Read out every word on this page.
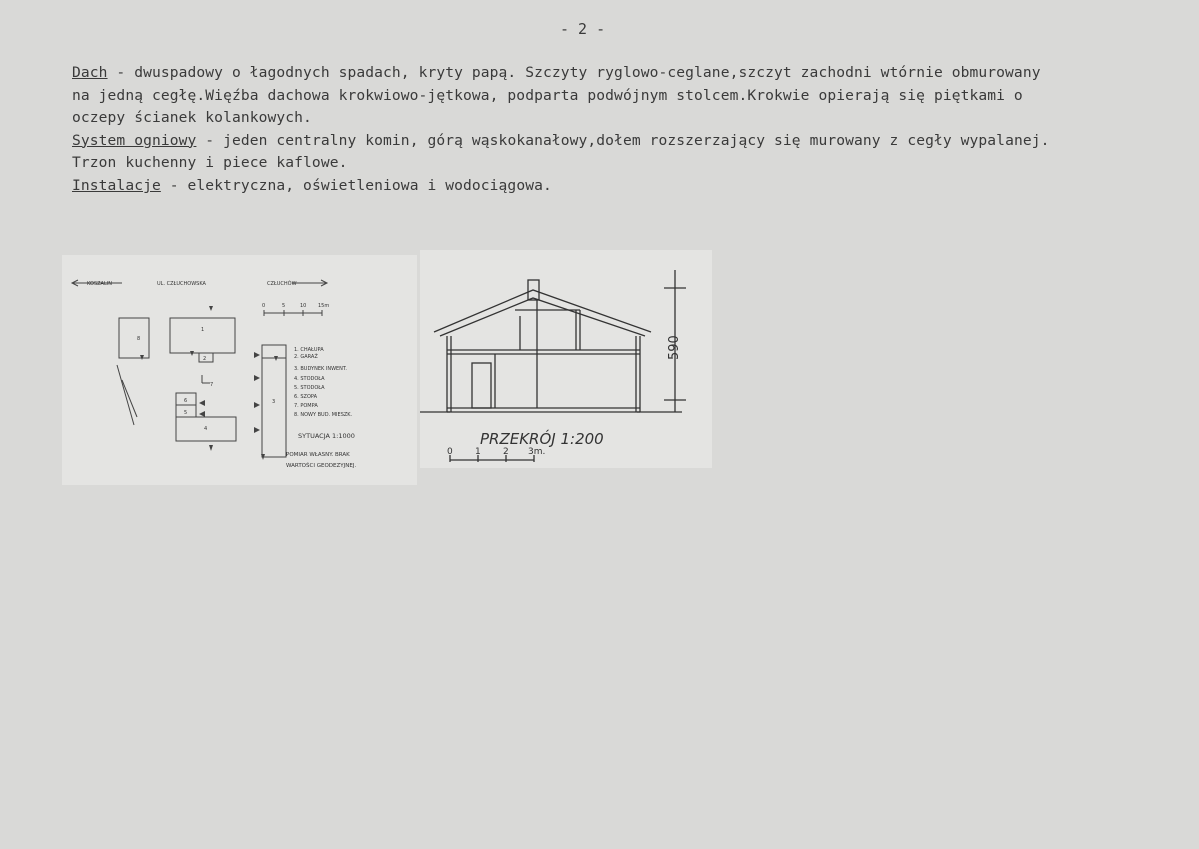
- 2 -

Dach - dwuspadowy o łagodnych spadach, kryty papą. Szczyty ryglowo-ceglane,szczyt zachodni wtórnie obmurowany

na jedną cegłę.Więźba dachowa krokwiowo-jętkowa, podparta podwójnym stolcem.Krokwie opierają się piętkami o

oczepy ścianek kolankowych.

System ogniowy - jeden centralny komin, górą wąskokanałowy,dołem rozszerzający się murowany z cegły wypalanej.

Trzon kuchenny i piece kaflowe.

Instalacje - elektryczna, oświetleniowa i wodociągowa.

KOSZALIN	UL. CZŁUCHOWSKA	CZŁUCHÓW
0	5	10 15m
1
2
3
4
5
6
7
8
1. CHAŁUPA
2. GARAŻ
3. BUDYNEK INWENT.
4. STODOŁA
5. STODOŁA
6. SZOPA
7. POMPA
8. NOWY BUD. MIESZK.
SYTUACJA 1:1000
POMIAR WŁASNY. BRAK
WARTOŚCI GEODEZYJNEJ.
PRZEKRÓJ 1:200
590
0 1 2 3m.
